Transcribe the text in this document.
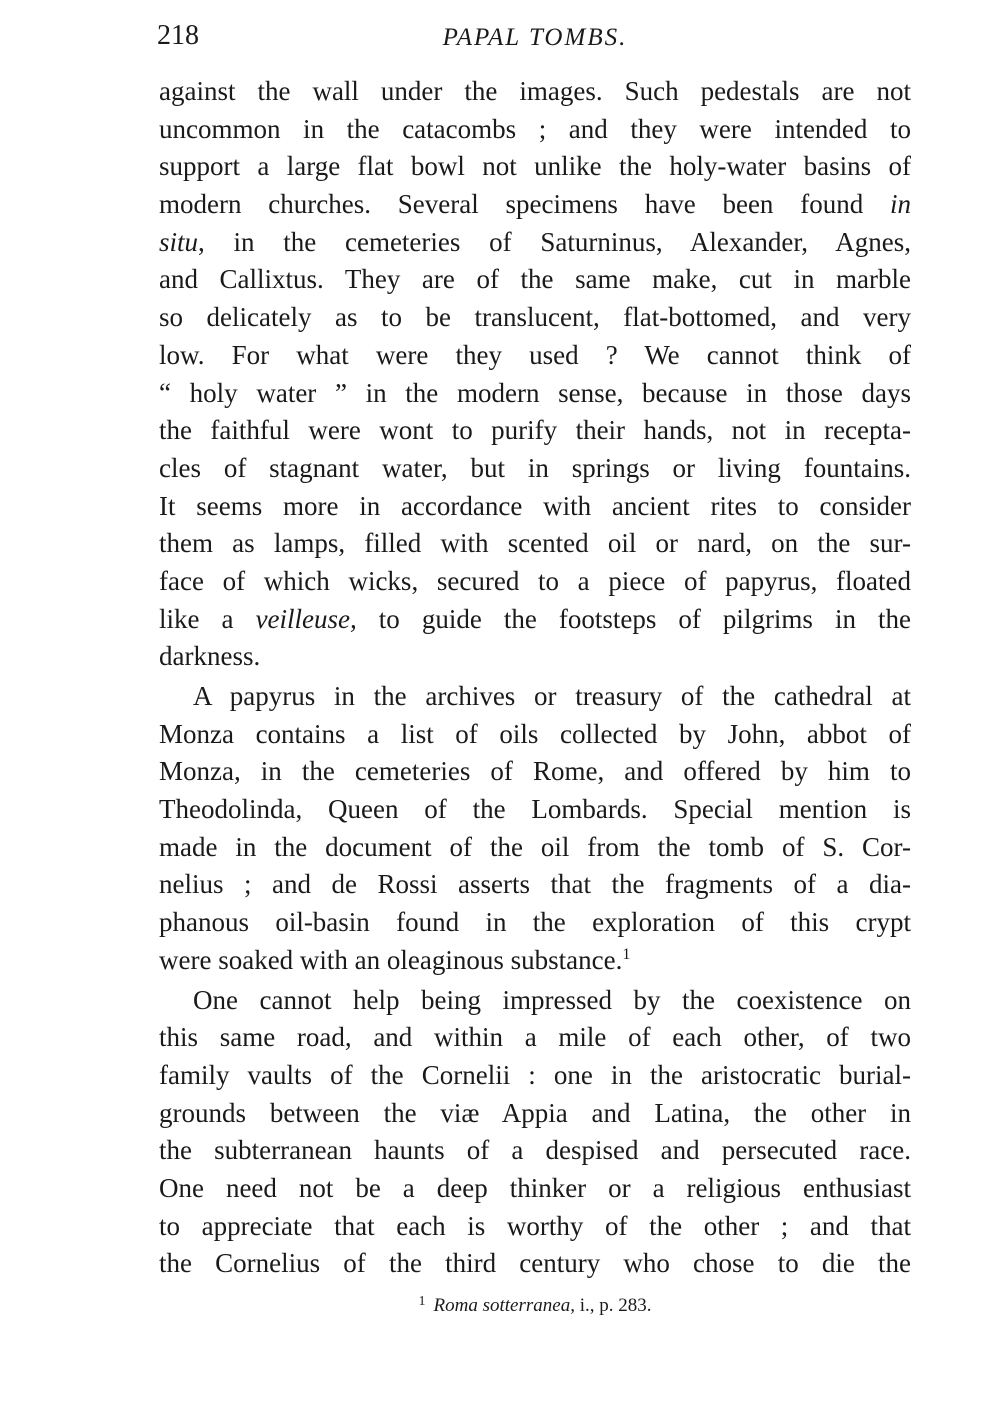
218	PAPAL TOMBS.
against the wall under the images. Such pedestals are not
uncommon in the catacombs ; and they were intended to
support a large flat bowl not unlike the holy-water basins of
modern churches. Several specimens have been found in
situ, in the cemeteries of Saturninus, Alexander, Agnes,
and Callixtus. They are of the same make, cut in marble
so delicately as to be translucent, flat-bottomed, and very
low. For what were they used ? We cannot think of
“ holy water ” in the modern sense, because in those days
the faithful were wont to purify their hands, not in recepta-
cles of stagnant water, but in springs or living fountains.
It seems more in accordance with ancient rites to consider
them as lamps, filled with scented oil or nard, on the sur-
face of which wicks, secured to a piece of papyrus, floated
like a veilleuse, to guide the footsteps of pilgrims in the
darkness.
A papyrus in the archives or treasury of the cathedral at
Monza contains a list of oils collected by John, abbot of
Monza, in the cemeteries of Rome, and offered by him to
Theodolinda, Queen of the Lombards. Special mention is
made in the document of the oil from the tomb of S. Cor-
nelius ; and de Rossi asserts that the fragments of a dia-
phanous oil-basin found in the exploration of this crypt
were soaked with an oleaginous substance.$^1$
One cannot help being impressed by the coexistence on
this same road, and within a mile of each other, of two
family vaults of the Cornelii : one in the aristocratic burial-
grounds between the viæ Appia and Latina, the other in
the subterranean haunts of a despised and persecuted race.
One need not be a deep thinker or a religious enthusiast
to appreciate that each is worthy of the other ; and that
the Cornelius of the third century who chose to die the
$^1$ Roma sotterranea, i., p. 283.
